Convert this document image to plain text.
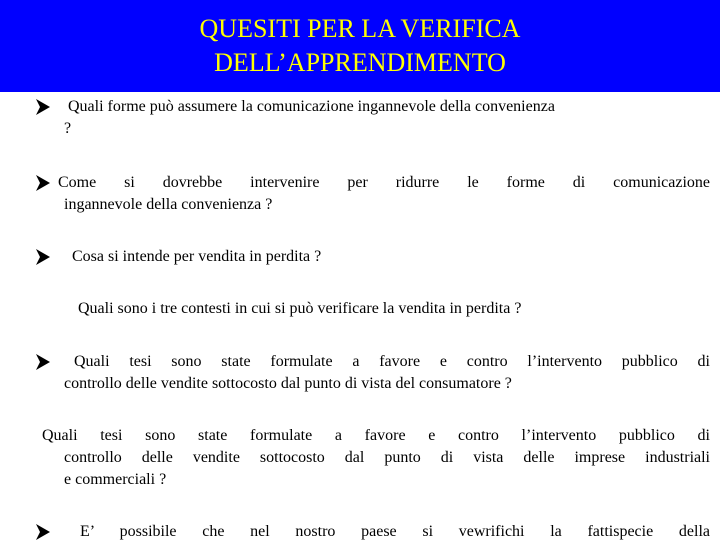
QUESITI PER LA VERIFICA
DELL’APPRENDIMENTO
Quali forme può assumere la comunicazione ingannevole della convenienza
?
Come si dovrebbe intervenire per ridurre le forme di comunicazione
ingannevole della convenienza ?
Cosa si intende per vendita in perdita ?
Quali sono i tre contesti in cui si può verificare la vendita in perdita ?
Quali tesi sono state formulate a favore e contro l’intervento pubblico di
controllo delle vendite sottocosto dal punto di vista del consumatore ?
Quali tesi sono state formulate a favore e contro l’intervento pubblico di
controllo delle vendite sottocosto dal punto di vista delle imprese industriali
e commerciali ?
E’ possibile che nel nostro paese si vewrifichi la fattispecie della
